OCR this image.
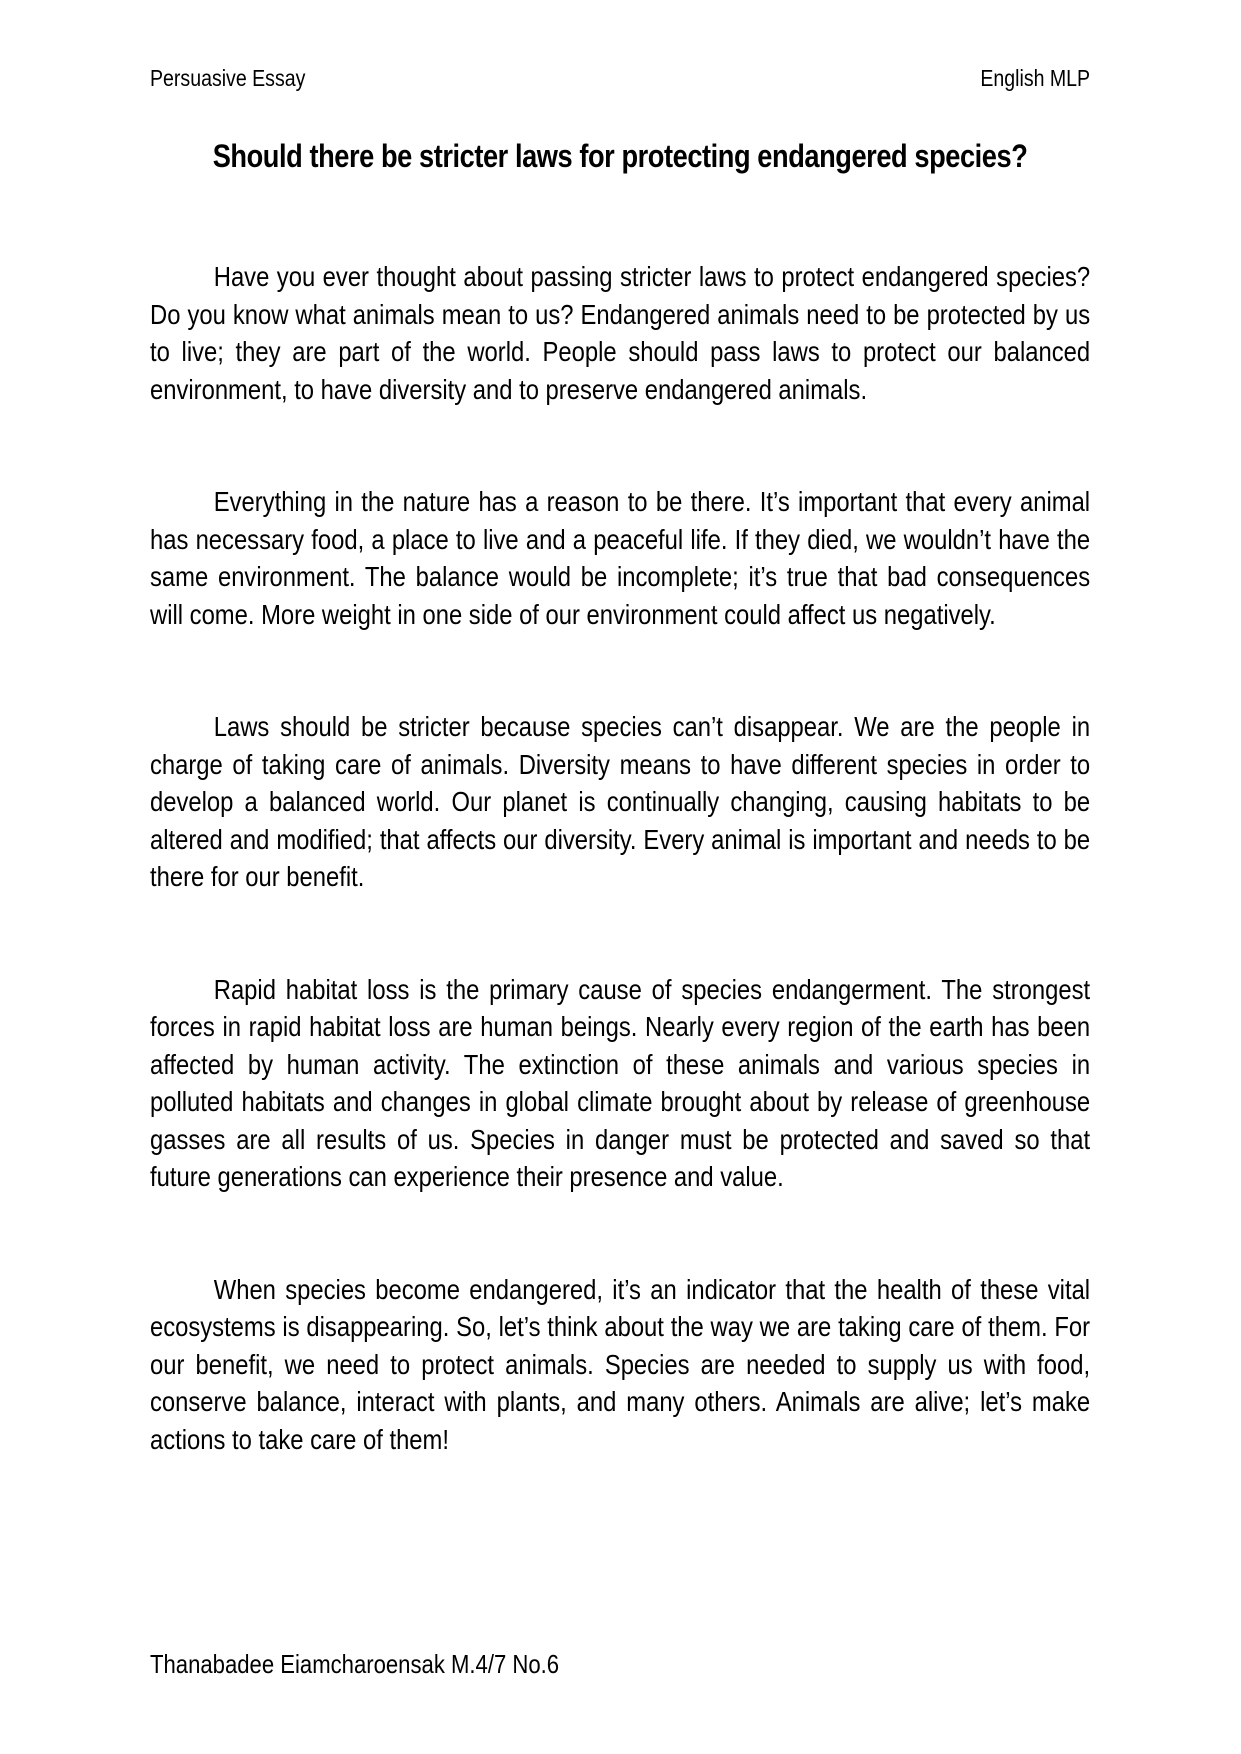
Persuasive Essay	English MLP
Should there be stricter laws for protecting endangered species?

Have you ever thought about passing stricter laws to protect endangered species? Do you know what animals mean to us? Endangered animals need to be protected by us to live; they are part of the world. People should pass laws to protect our balanced environment, to have diversity and to preserve endangered animals.

Everything in the nature has a reason to be there. It’s important that every animal has necessary food, a place to live and a peaceful life. If they died, we wouldn’t have the same environment. The balance would be incomplete; it’s true that bad consequences will come. More weight in one side of our environment could affect us negatively.

Laws should be stricter because species can’t disappear. We are the people in charge of taking care of animals. Diversity means to have different species in order to develop a balanced world. Our planet is continually changing, causing habitats to be altered and modified; that affects our diversity. Every animal is important and needs to be there for our benefit.

Rapid habitat loss is the primary cause of species endangerment. The strongest forces in rapid habitat loss are human beings. Nearly every region of the earth has been affected by human activity. The extinction of these animals and various species in polluted habitats and changes in global climate brought about by release of greenhouse gasses are all results of us. Species in danger must be protected and saved so that future generations can experience their presence and value.

When species become endangered, it’s an indicator that the health of these vital ecosystems is disappearing. So, let’s think about the way we are taking care of them. For our benefit, we need to protect animals. Species are needed to supply us with food, conserve balance, interact with plants, and many others. Animals are alive; let’s make actions to take care of them!

Thanabadee Eiamcharoensak M.4/7 No.6
